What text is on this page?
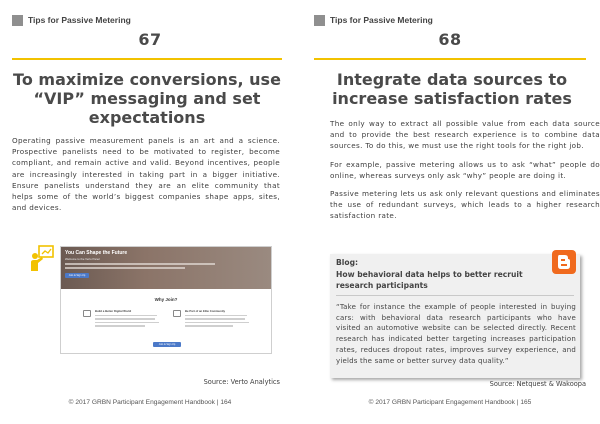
Tips for Passive Metering
67
To maximize conversions, use “VIP” messaging and set expectations
Operating passive measurement panels is an art and a science. Prospective panelists need to be motivated to register, become compliant, and remain active and valid. Beyond incentives, people are increasingly interested in taking part in a bigger initiative. Ensure panelists understand they are an elite community that helps some of the world’s biggest companies shape apps, sites, and devices.
You Can Shape the Future
Welcome to the Verto Panel
Join & Sign Up
Why Join?
Build a Better Digital World	Be Part of an Elite Community
Join & Sign Up
Source: Verto Analytics
© 2017 GRBN Participant Engagement Handbook | 164
Tips for Passive Metering
68
Integrate data sources to increase satisfaction rates

The only way to extract all possible value from each data source and to provide the best research experience is to combine data sources. To do this, we must use the right tools for the right job.

For example, passive metering allows us to ask “what” people do online, whereas surveys only ask “why” people are doing it.

Passive metering lets us ask only relevant questions and eliminates the use of redundant surveys, which leads to a higher research satisfaction rate.

Blog:
How behavioral data helps to better recruit research participants
“Take for instance the example of people interested in buying cars: with behavioral data research participants who have visited an automotive website can be selected directly. Recent research has indicated better targeting increases participation rates, reduces dropout rates, improves survey experience, and yields the same or better survey data quality.”
Source: Netquest & Wakoopa
© 2017 GRBN Participant Engagement Handbook | 165
